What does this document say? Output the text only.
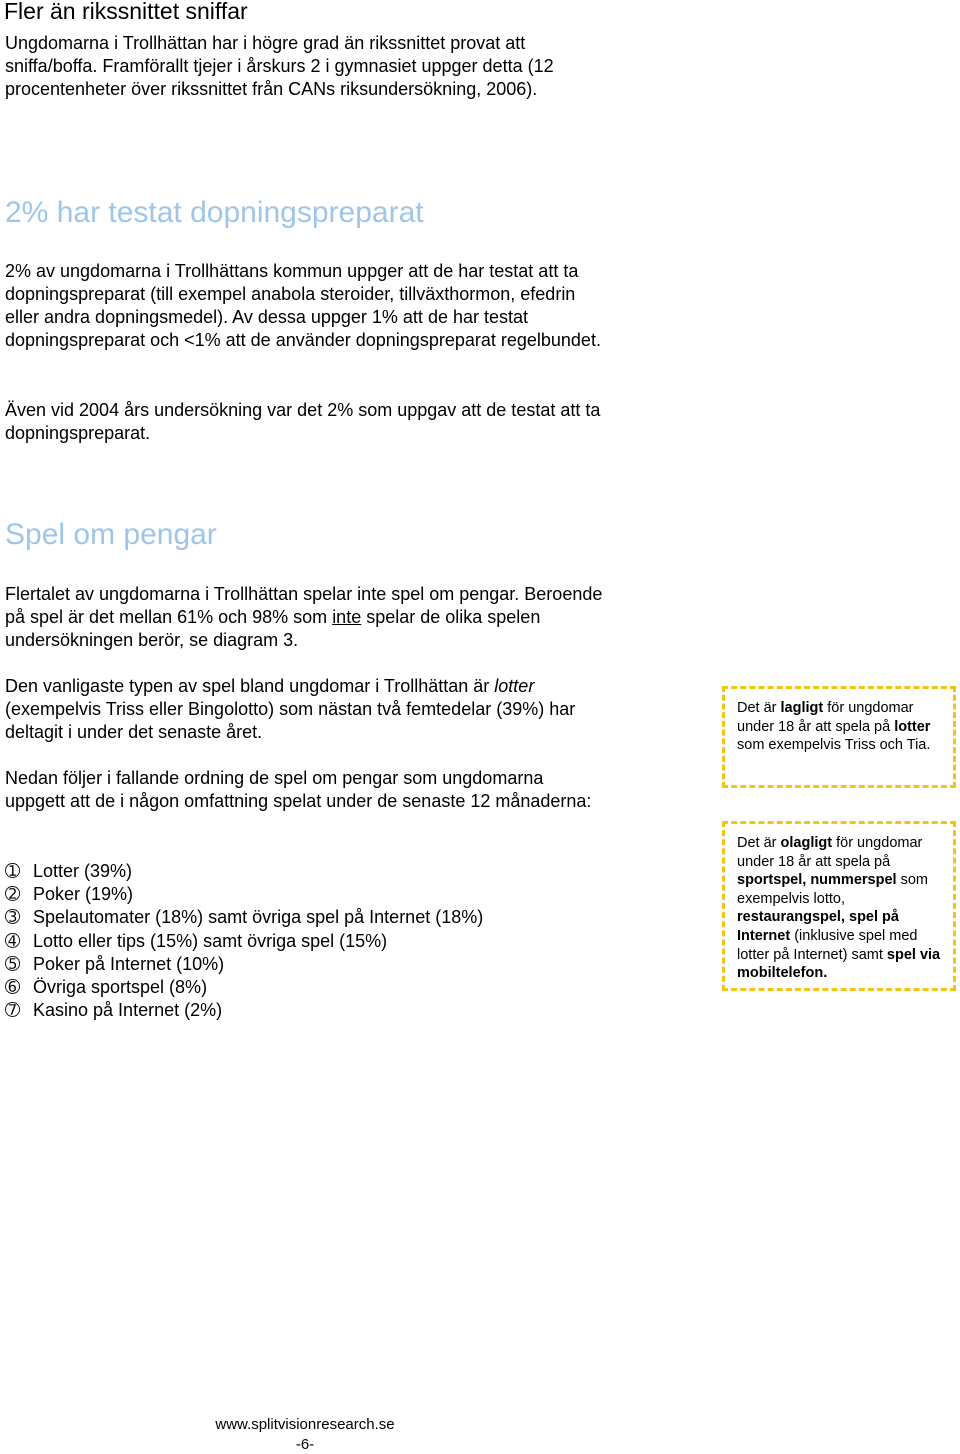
Fler än rikssnittet sniffar

Ungdomarna i Trollhättan har i högre grad än rikssnittet provat att sniffa/boffa. Framförallt tjejer i årskurs 2 i gymnasiet uppger detta (12 procentenheter över rikssnittet från CANs riksundersökning, 2006).

2% har testat dopningspreparat

2% av ungdomarna i Trollhättans kommun uppger att de har testat att ta dopningspreparat (till exempel anabola steroider, tillväxthormon, efedrin eller andra dopningsmedel). Av dessa uppger 1% att de har testat dopningspreparat och <1% att de använder dopningspreparat regelbundet.

Även vid 2004 års undersökning var det 2% som uppgav att de testat att ta dopningspreparat.

Spel om pengar

Flertalet av ungdomarna i Trollhättan spelar inte spel om pengar. Beroende på spel är det mellan 61% och 98% som inte spelar de olika spelen undersökningen berör, se diagram 3.

Den vanligaste typen av spel bland ungdomar i Trollhättan är lotter (exempelvis Triss eller Bingolotto) som nästan två femtedelar (39%) har deltagit i under det senaste året.

Nedan följer i fallande ordning de spel om pengar som ungdomarna uppgett att de i någon omfattning spelat under de senaste 12 månaderna:

➀ Lotter (39%)
➁ Poker (19%)
➂ Spelautomater (18%) samt övriga spel på Internet (18%)
➃ Lotto eller tips (15%) samt övriga spel (15%)
➄ Poker på Internet (10%)
➅ Övriga sportspel (8%)
➆ Kasino på Internet (2%)
Det är lagligt för ungdomar under 18 år att spela på lotter som exempelvis Triss och Tia.
Det är olagligt för ungdomar under 18 år att spela på sportspel, nummerspel som exempelvis lotto, restaurangspel, spel på Internet (inklusive spel med lotter på Internet) samt spel via mobiltelefon.
www.splitvisionresearch.se
-6-
